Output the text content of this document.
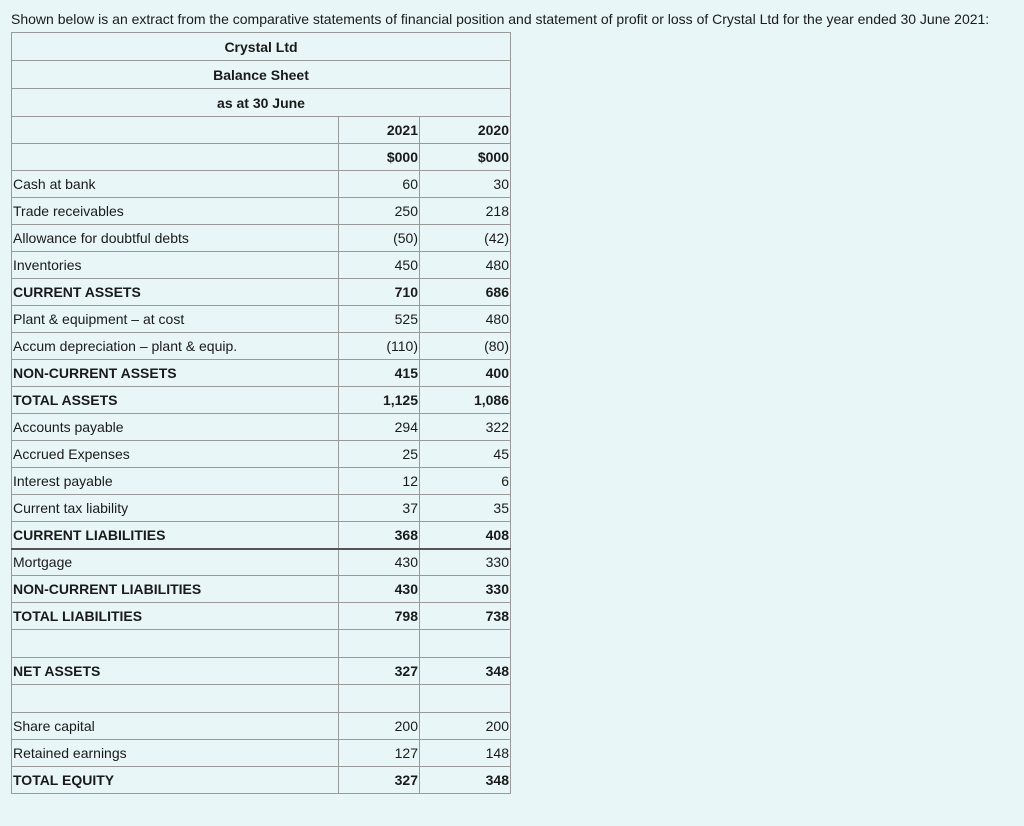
Shown below is an extract from the comparative statements of financial position and statement of profit or loss of Crystal Ltd for the year ended 30 June 2021:
Crystal Ltd		
Balance Sheet		
as at 30 June		
	2021	2020
	$000	$000
Cash at bank	60	30
Trade receivables	250	218
Allowance for doubtful debts	(50)	(42)
Inventories	450	480
CURRENT ASSETS	710	686
Plant & equipment – at cost	525	480
Accum depreciation – plant & equip.	(110)	(80)
NON-CURRENT ASSETS	415	400
TOTAL ASSETS	1,125	1,086
Accounts payable	294	322
Accrued Expenses	25	45
Interest payable	12	6
Current tax liability	37	35
CURRENT LIABILITIES	368	408
Mortgage	430	330
NON-CURRENT LIABILITIES	430	330
TOTAL LIABILITIES	798	738

NET ASSETS	327	348

Share capital	200	200
Retained earnings	127	148
TOTAL EQUITY	327	348
